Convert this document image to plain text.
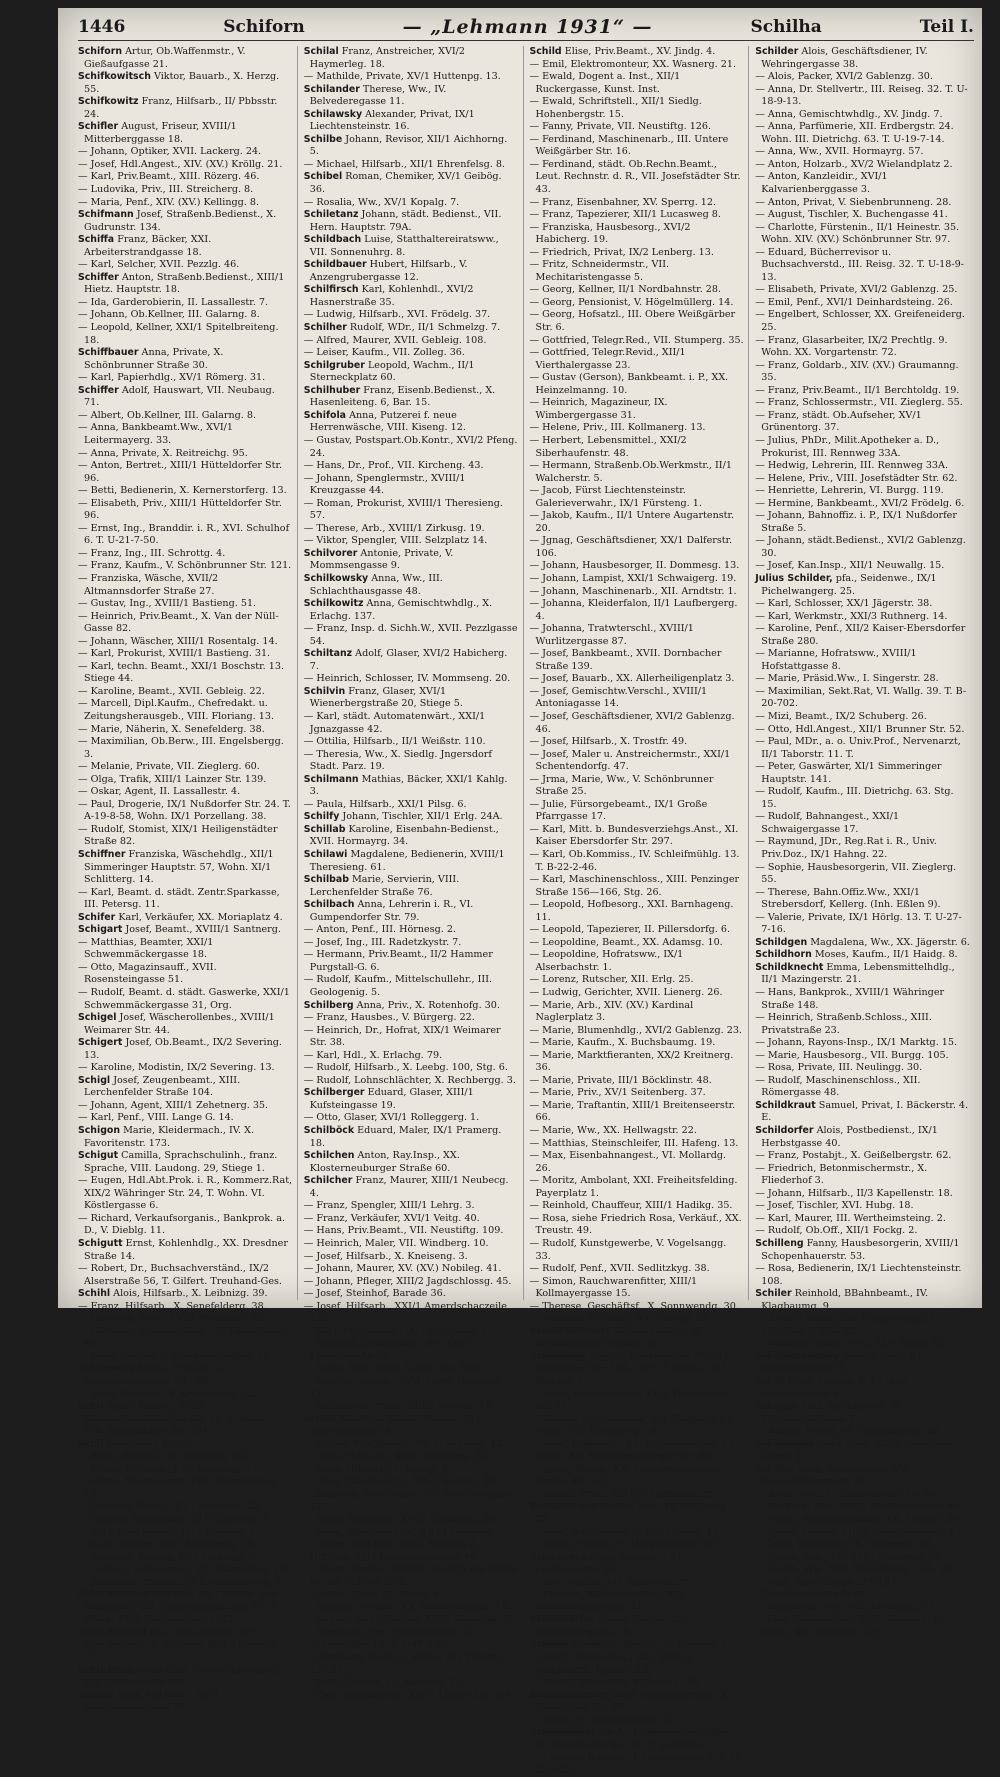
1446	Schiforn	— „Lehmann 1931“ —	Schilha	Teil I.

Schiforn Artur, Ob.Waffenmstr., V. Gießaufgasse 21.

Schifkowitsch Viktor, Bauarb., X. Herzg. 55.

Schifkowitz Franz, Hilfsarb., II/ Pbbsstr. 24.

Schifler August, Friseur, XVIII/1 Mitterberggasse 18.

— Johann, Optiker, XVII. Lackerg. 24.

— Josef, Hdl.Angest., XIV. (XV.) Kröllg. 21.

— Karl, Priv.Beamt., XIII. Rözerg. 46.

— Ludovika, Priv., III. Streicherg. 8.

— Maria, Penf., XIV. (XV.) Kellingg. 8.

Schifmann Josef, Straßenb.Bedienst., X. Gudrunstr. 134.

Schiffa Franz, Bäcker, XXI. Arbeiterstrandgasse 18.

— Karl, Selcher, XVII. Pezzlg. 46.

Schiffer Anton, Straßenb.Bedienst., XIII/1 Hietz. Hauptstr. 18.

— Ida, Garderobierin, II. Lassallestr. 7.

— Johann, Ob.Kellner, III. Galarng. 8.

— Leopold, Kellner, XXI/1 Spitelbreiteng. 18.

Schiffbauer Anna, Private, X. Schönbrunner Straße 30.

— Karl, Papierhdlg., XV/1 Römerg. 31.

Schiffer Adolf, Hauswart, VII. Neubaug. 71.

— Albert, Ob.Kellner, III. Galarng. 8.

— Anna, Bankbeamt.Ww., XVI/1 Leitermayerg. 33.

— Anna, Private, X. Reitreichg. 95.

— Anton, Bertret., XIII/1 Hütteldorfer Str. 96.

— Betti, Bedienerin, X. Kernerstorferg. 13.

— Elisabeth, Priv., XIII/1 Hütteldorfer Str. 96.

— Ernst, Ing., Branddir. i. R., XVI. Schulhof 6. T. U-21-7-50.

— Franz, Ing., III. Schrottg. 4.

— Franz, Kaufm., V. Schönbrunner Str. 121.

— Franziska, Wäsche, XVII/2 Altmannsdorfer Straße 27.

— Gustav, Ing., XVIII/1 Bastieng. 51.

— Heinrich, Priv.Beamt., X. Van der Nüll-Gasse 82.

— Johann, Wäscher, XIII/1 Rosentalg. 14.

— Karl, Prokurist, XVIII/1 Bastieng. 31.

— Karl, techn. Beamt., XXI/1 Boschstr. 13. Stiege 44.

— Karoline, Beamt., XVII. Gebleig. 22.

— Marcell, Dipl.Kaufm., Chefredakt. u. Zeitungsherausgeb., VIII. Floriang. 13.

— Marie, Näherin, X. Senefelderg. 38.

— Maximilian, Ob.Berw., III. Engelsbergg. 3.

— Melanie, Private, VII. Zieglerg. 60.

— Olga, Trafik, XIII/1 Lainzer Str. 139.

— Oskar, Agent, II. Lassallestr. 4.

— Paul, Drogerie, IX/1 Nußdorfer Str. 24. T. A-19-8-58, Wohn. IX/1 Porzellang. 38.

— Rudolf, Stomist, XIX/1 Heiligenstädter Straße 82.

Schiffner Franziska, Wäschehdlg., XII/1 Simmeringer Hauptstr. 57, Wohn. XI/1 Schlitterg. 14.

— Karl, Beamt. d. städt. Zentr.Sparkasse, III. Petersg. 11.

Schifer Karl, Verkäufer, XX. Moriaplatz 4.

Schigart Josef, Beamt., XVIII/1 Santnerg.

— Matthias, Beamter, XXI/1 Schwemmäckergasse 18.

— Otto, Magazinsauff., XVII. Rosensteingasse 51.

— Rudolf, Beamt. d. städt. Gaswerke, XXI/1 Schwemmäckergasse 31, Org.

Schigel Josef, Wäscherollenbes., XVIII/1 Weimarer Str. 44.

Schigert Josef, Ob.Beamt., IX/2 Severing. 13.

— Karoline, Modistin, IX/2 Severing. 13.

Schigl Josef, Zeugenbeamt., XIII. Lerchenfelder Straße 104.

— Johann, Agent, XIII/1 Zehetnerg. 35.

— Karl, Penf., VIII. Lange G. 14.

Schigon Marie, Kleidermach., IV. X. Favoritenstr. 173.

Schigut Camilla, Sprachschulinh., franz. Sprache, VIII. Laudong. 29, Stiege 1.

— Eugen, Hdl.Abt.Prok. i. R., Kommerz.Rat, XIX/2 Währinger Str. 24, T. Wohn. VI. Köstlergasse 6.

— Richard, Verkaufsorganis., Bankprok. a. D., V. Dieblg. 11.

Schigutt Ernst, Kohlenhdlg., XX. Dresdner Straße 14.

— Robert, Dr., Buchsachverständ., IX/2 Alserstraße 56, T. Gilfert. Treuhand-Ges.

Schihl Alois, Hilfsarb., X. Leibnizg. 39.

— Franz, Hilfsarb., X. Senefelderg. 38.

— Heinrich, Penf., XVI/1 Meiselstr. 65.

— Hermine, Krankenpfleg., IV. Favoritenstr. 40.

— Josef, Dreher, V. Rampersdorferg. 25.

Schihowitz Marie, Private, V. Margaretengürtel 82—88.

— Josef, Schuhm., V. Kriehuberg. 23.

Schil Adolf, Kaufm., XVI/2 Neulerchenfelder Straße 16, T. Wohn. VIII. Josefstädter Str. 101.

Schil siehe auch Schick.

— Adolf, Bertret., III. Geißlerg. 29.

— Franz, Hilfsarb., XVI. Sautterg. 27.

— Franz, Magazineur, XVII. Rosensteing. 14.

— Gottlieb, Privat, II/1 Leopoldsg. 21.

— Helene, Tanzschule, II/1 Czerning. 9.

— Karl, Bankbeamt., IX/1 Binderg. 6.

— Karl, Maurer, XX/1 Sollingerg. 38.

— Karoline, Private, IX/1 Fersteig. 6.

— Ludwig, Hdl.Angest., VI. Marchettig. 1B.

— Marianne, Private, IV. Krummbaumg. 1.

Schil Michael Valentin pfa., Kaffee- und Teeimport, VII. Lerchenfelder Str. 67, T. Wohn. XV/1 Kirchstetterng. 22.

Schil Richard pfa., Installateur, IX/1 Alserbachstr. 1, T. Wohn. IX/1 Althanstr. 17.

Schil-Marksman Otto, Geschäftsinhaber, VII. Cullmannstr. 6A.

Schilal Alois, Mil.Offiz., XVII. Ledenhauergasse 28.

Schilal Franz, Anstreicher, XVI/2 Haymerleg. 18.

— Mathilde, Private, XV/1 Huttenpg. 13.

Schilander Therese, Ww., IV. Belvederegasse 11.

Schilawsky Alexander, Privat, IX/1 Liechtensteinstr. 16.

Schilbe Johann, Revisor, XII/1 Aichhorng. 5.

— Michael, Hilfsarb., XII/1 Ehrenfelsg. 8.

Schibel Roman, Chemiker, XV/1 Geibög. 36.

— Rosalia, Ww., XV/1 Kopalg. 7.

Schiletanz Johann, städt. Bedienst., VII. Hern. Hauptstr. 79A.

Schildbach Luise, Statthaltereiratsww., VII. Sonnenuhrg. 8.

Schildbauer Hubert, Hilfsarb., V. Anzengrubergasse 12.

Schilfirsch Karl, Kohlenhdl., XVI/2 Hasnerstraße 35.

— Ludwig, Hilfsarb., XVI. Frödelg. 37.

Schilher Rudolf, WDr., II/1 Schmelzg. 7.

— Alfred, Maurer, XVII. Gebleig. 108.

— Leiser, Kaufm., VII. Zolleg. 36.

Schilgruber Leopold, Wachm., II/1 Sterneckplatz 60.

Schilhuber Franz, Eisenb.Bedienst., X. Hasenleiteng. 6, Bar. 15.

Schifola Anna, Putzerei f. neue Herrenwäsche, VIII. Kiseng. 12.

— Gustav, Postspart.Ob.Kontr., XVI/2 Pfeng. 24.

— Hans, Dr., Prof., VII. Kircheng. 43.

— Johann, Spenglermstr., XVIII/1 Kreuzgasse 44.

— Roman, Prokurist, XVIII/1 Theresieng. 57.

— Therese, Arb., XVIII/1 Zirkusg. 19.

— Viktor, Spengler, VIII. Selzplatz 14.

Schilvorer Antonie, Private, V. Mommsengasse 9.

Schilkowsky Anna, Ww., III. Schlachthausgasse 48.

Schilkowitz Anna, Gemischtwhdlg., X. Erlachg. 137.

— Franz, Insp. d. Sichh.W., XVII. Pezzlgasse 54.

Schiltanz Adolf, Glaser, XVI/2 Habicherg. 7.

— Heinrich, Schlosser, IV. Mommseng. 20.

Schilvin Franz, Glaser, XVI/1 Wienerbergstraße 20, Stiege 5.

— Karl, städt. Automatenwärt., XXI/1 Jgnazgasse 42.

— Ottilia, Hilfsarb., II/1 Weißstr. 110.

— Theresia, Ww., X. Siedlg. Jngersdorf Stadt. Parz. 19.

Schilmann Mathias, Bäcker, XXI/1 Kahlg. 3.

— Paula, Hilfsarb., XXI/1 Pilsg. 6.

Schilfy Johann, Tischler, XII/1 Erlg. 24A.

Schillab Karoline, Eisenbahn-Bedienst., XVII. Hormayrg. 34.

Schilawi Magdalene, Bedienerin, XVIII/1 Theresieng. 61.

Schilbab Marie, Servierin, VIII. Lerchenfelder Straße 76.

Schilbach Anna, Lehrerin i. R., VI. Gumpendorfer Str. 79.

— Anton, Penf., III. Hörnesg. 2.

— Josef, Ing., III. Radetzkystr. 7.

— Hermann, Priv.Beamt., II/2 Hammer Purgstall-G. 6.

— Rudolf, Kaufm., Mittelschullehr., III. Geologenig. 5.

Schilberg Anna, Priv., X. Rotenhofg. 30.

— Franz, Hausbes., V. Bürgerg. 22.

— Heinrich, Dr., Hofrat, XIX/1 Weimarer Str. 38.

— Karl, Hdl., X. Erlachg. 79.

— Rudolf, Hilfsarb., X. Leebg. 100, Stg. 6.

— Rudolf, Lohnschlächter, X. Rechbergg. 3.

Schilberger Eduard, Glaser, XIII/1 Kufsteingasse 19.

— Otto, Glaser, XVI/1 Rolleggerg. 1.

Schilböck Eduard, Maler, IX/1 Pramerg. 18.

Schilchen Anton, Ray.Insp., XX. Klosterneuburger Straße 60.

Schilcher Franz, Maurer, XIII/1 Neubecg. 4.

— Franz, Spengler, XIII/1 Lehrg. 3.

— Franz, Verkäufer, XVI/1 Veitg. 40.

— Hans, Priv.Beamt., VII. Neustiftg. 109.

— Heinrich, Maler, VII. Windberg. 10.

— Josef, Hilfsarb., X. Kneiseng. 3.

— Johann, Maurer, XV. (XV.) Nobileg. 41.

— Johann, Pfleger, XIII/2 Jagdschlossg. 45.

— Josef, Steinhof, Barade 36.

— Josef, Hilfsarb., XXI/1 Amerdschaczeile 123.

— Karl, Priv.Beamt., IX/2 Porschieg. 6.

— Leopold, Straßenarb., XIV. (XV.) Meiselstraße 25.

— Luise, Ww., XIII/1 Linzer Str. 300.

— Martha, Beamt., XVII. Hern. Hauptstr. 17.

— Wilhelmine, Penf., XIII/1 Neuing. 13.

Schild Albertine Marie, Private, II/1 Schrogbergstr. 8.

— Alfons, Priv.Beamt., XV. Schadinag. 12.

— Alois, Hilfsarb., XXI/1 Mengerg. 23.

— Alois, Hilfsarb., I. Bankg. 9.

— Alois, Wäsche-Erz., XIII/1 Beinstr. 35.

— Andreas, Priv.Beamt., III. Boerhavegasse 22.

— Anna, Hebamm., XVI/2 Gablenzg. 20.

— Anna, Wäschew.Erz., XIII/1 Laaerstr.

— Anton, Reg.Rat, wirkl. Amtsrat d. Hdl.Ger., IX/1 Liechtensteinstr. 46.

— Anton, Gastw., XVIII/2 Neustift am Walde Nr. 88. T. B-44-1-38.

— Anton, Getr., III. Dalbg. 6.

— Antonie, Private, XX. Wallensteinstr. 17.

— August, Schriftsetzer, XXI/1 Bunseng. 7.

— Bernhard, Ing., Elektrotechn., II. Taborstraße 17. T. A-47-5-65.

— Bernhard, Wohn. I. Wohn. II/1 Ybbsstr. 13—21.

— Betti, Private, III. Keinerg. 21.

— Carl, Musiklehrer, XIII/1 Linzer Str. 354.

Schild Elise, Priv.Beamt., XV. Jindg. 4.

— Emil, Elektromonteur, XX. Wasnerg. 21.

— Ewald, Dogent a. Inst., XII/1 Ruckergasse, Kunst. Inst.

— Ewald, Schriftstell., XII/1 Siedlg. Hohenbergstr. 15.

— Fanny, Private, VII. Neustiftg. 126.

— Ferdinand, Maschinenarb., III. Untere Weißgärber Str. 16.

— Ferdinand, städt. Ob.Rechn.Beamt., Leut. Rechnstr. d. R., VII. Josefstädter Str. 43.

— Franz, Eisenbahner, XV. Sperrg. 12.

— Franz, Tapezierer, XII/1 Lucasweg 8.

— Franziska, Hausbesorg., XVI/2 Habicherg. 19.

— Friedrich, Privat, IX/2 Lenberg. 13.

— Fritz, Schneidermstr., VII. Mechitaristengasse 5.

— Georg, Kellner, II/1 Nordbahnstr. 28.

— Georg, Pensionist, V. Högelmüllerg. 14.

— Georg, Hofsatzl., III. Obere Weißgärber Str. 6.

— Gottfried, Telegr.Red., VII. Stumperg. 35.

— Gottfried, Telegr.Revid., XII/1 Vierthalergasse 23.

— Gustav (Gerson), Bankbeamt. i. P., XX. Heinzelmanng. 10.

— Heinrich, Magazineur, IX. Wimbergergasse 31.

— Helene, Priv., III. Kollmanerg. 13.

— Herbert, Lebensmittel., XXI/2 Siberhaufenstr. 48.

— Hermann, Straßenb.Ob.Werkmstr., II/1 Walcherstr. 5.

— Jacob, Fürst Liechtensteinstr. Galerieverwahr., IX/1 Fürsteng. 1.

— Jakob, Kaufm., II/1 Untere Augartenstr. 20.

— Jgnag, Geschäftsdiener, XX/1 Dalferstr. 106.

— Johann, Hausbesorger, II. Dommesg. 13.

— Johann, Lampist, XXI/1 Schwaigerg. 19.

— Johann, Maschinenarb., XII. Arndtstr. 1.

— Johanna, Kleiderfalon, II/1 Laufbergerg. 4.

— Johanna, Tratwterschl., XVIII/1 Wurlitzergasse 87.

— Josef, Bankbeamt., XVII. Dornbacher Straße 139.

— Josef, Bauarb., XX. Allerheiligenplatz 3.

— Josef, Gemischtw.Verschl., XVIII/1 Antoniagasse 14.

— Josef, Geschäftsdiener, XVI/2 Gablenzg. 46.

— Josef, Hilfsarb., X. Trostfr. 49.

— Josef, Maler u. Anstreichermstr., XXI/1 Schentendorfg. 47.

— Jrma, Marie, Ww., V. Schönbrunner Straße 25.

— Julie, Fürsorgebeamt., IX/1 Große Pfarrgasse 17.

— Karl, Mitt. b. Bundesverziehgs.Anst., XI. Kaiser Ebersdorfer Str. 297.

— Karl, Ob.Kommiss., IV. Schleifmühlg. 13. T. B-22-2-46.

— Karl, Maschinenschloss., XIII. Penzinger Straße 156—166, Stg. 26.

— Leopold, Hofbesorg., XXI. Barnhageng. 11.

— Leopold, Tapezierer, II. Pillersdorfg. 6.

— Leopoldine, Beamt., XX. Adamsg. 10.

— Leopoldine, Hofratsww., IX/1 Alserbachstr. 1.

— Lorenz, Rutscher, XII. Erlg. 25.

— Ludwig, Gerichter, XVII. Lienerg. 26.

— Marie, Arb., XIV. (XV.) Kardinal Naglerplatz 3.

— Marie, Blumenhdlg., XVI/2 Gablenzg. 23.

— Marie, Kaufm., X. Buchsbaumg. 19.

— Marie, Marktfieranten, XX/2 Kreitnerg. 36.

— Marie, Private, III/1 Böcklinstr. 48.

— Marie, Priv., XV/1 Seitenberg. 37.

— Marie, Traftantin, XIII/1 Breitenseerstr. 66.

— Marie, Ww., XX. Hellwagstr. 22.

— Matthias, Steinschleifer, III. Hafeng. 13.

— Max, Eisenbahnangest., VI. Mollardg. 26.

— Moritz, Ambolant, XXI. Freiheitsfelding. Payerplatz 1.

— Reinhold, Chauffeur, XIII/1 Hadikg. 35.

— Rosa, siehe Friedrich Rosa, Verkäuf., XX. Treustr. 49.

— Rudolf, Kunstgewerbe, V. Vogelsangg. 33.

— Rudolf, Penf., XVII. Sedlitzkyg. 38.

— Simon, Rauchwarenfitter, XIII/1 Kollmayergasse 15.

— Therese, Geschäftsf., X. Sonnwendg. 30.

— Wilhelm, Hilfsarb., XX. Denisg. 38.

Schild-Schmarz Schauspielerin, V. Schönbrunner Straße 35.

Schildberg August, Kunstsattler, XVIII/1 Währinger Str. 105—107, T. Wohn. IX/1 Spitalg. 8.

— Hans, Betriebsleiter, XVII. Dornbacher Str. 21.

— Herma, Parfümeriew., VII. Zieglerg. 81. Wohn. VII. Lerchen g. 16.

— Josef, Lederarb., XX. Heinzelmanng. 18. Wohn. XX. Klosterneuburger Str. 86.

— Julius, Baum., XX. Klosterneuburger Straße 40—42.

— Rudolf, Prok., XVIII/1 Martinstr. 28.

Schildberger Emilie, Priv., IX. Müllnerg. 22.

— Josef, Buchbinder, V. Kriehuberg. 13.

— Marie, Private, V. Margaretenstr. 67.

Schildbeck Alois, Stomist, VIII. Laudongasse 33.

— Leo, Mar.ler, VII. Kaiserstr. 79.

— Therese, Kaffeehausbes., XIV. Rauchfangfehrerg. 21.

Schildbörfer Anton, Gastw., XXI. Waidäckergasse 10.

Schilde Friedrich, Direkt., IV. Hovosg. 5.

— Josef, Steinmetzg., XXI. Siedlg. Jungbrecht, Jagdstr. 12.

— Rudolf, Bergolder, V. Zentag. 30.

Schildendorfer Josef, Schneidermstr., X. Spielfinger Str. 69.

— Marie, II. Rembrandtstr. 21.

Schildenfeld Ida A., Feldmarschallt.-Ww., VI. Mariahilfer Str. 28. T. B-27009.

— Theresia Rittmm., I. Landskrong. 5. T. U-27-6-23.

Schilder Alois, Geschäftsdiener, IV. Wehringergasse 38.

— Alois, Packer, XVI/2 Gablenzg. 30.

— Anna, Dr. Stellvertr., III. Reiseg. 32. T. U-18-9-13.

— Anna, Gemischtwhdlg., XV. Jindg. 7.

— Anna, Parfümerie, XII. Erdbergstr. 24. Wohn. III. Dietrichg. 63. T. U-19-7-14.

— Anna, Ww., XVII. Hormayrg. 57.

— Anton, Holzarb., XV/2 Wielandplatz 2.

— Anton, Kanzleidir., XVI/1 Kalvarienberggasse 3.

— Anton, Privat, V. Siebenbrunneng. 28.

— August, Tischler, X. Buchengasse 41.

— Charlotte, Fürstenin., II/1 Heinestr. 35. Wohn. XIV. (XV.) Schönbrunner Str. 97.

— Eduard, Bücherrevisor u. Buchsachverstd., III. Reisg. 32. T. U-18-9-13.

— Elisabeth, Private, XVI/2 Gablenzg. 25.

— Emil, Penf., XVI/1 Deinhardsteing. 26.

— Engelbert, Schlosser, XX. Greifeneiderg. 25.

— Franz, Glasarbeiter, IX/2 Prechtlg. 9. Wohn. XX. Vorgartenstr. 72.

— Franz, Goldarb., XIV. (XV.) Graumanng. 35.

— Franz, Priv.Beamt., II/1 Berchtoldg. 19.

— Franz, Schlossermstr., VII. Zieglerg. 55.

— Franz, städt. Ob.Aufseher, XV/1 Grünentorg. 37.

— Julius, PhDr., Milit.Apotheker a. D., Prokurist, III. Rennweg 33A.

— Hedwig, Lehrerin, III. Rennweg 33A.

— Helene, Priv., VIII. Josefstädter Str. 62.

— Henriette, Lehrerin, VI. Burgg. 119.

— Hermine, Bankbeamt., XVI/2 Frödelg. 6.

— Johann, Bahnoffiz. i. P., IX/1 Nußdorfer Straße 5.

— Johann, städt.Bedienst., XVI/2 Gablenzg. 30.

— Josef, Kan.Insp., XII/1 Neuwallg. 15.

Julius Schilder, pfa., Seidenwe., IX/1 Pichelwangerg. 25.

— Karl, Schlosser, XX/1 Jägerstr. 38.

— Karl, Werkmstr., XXI/3 Ruthnerg. 14.

— Karoline, Penf., XII/2 Kaiser-Ebersdorfer Straße 280.

— Marianne, Hofratsww., XVIII/1 Hofstattgasse 8.

— Marie, Präsid.Ww., I. Singerstr. 28.

— Maximilian, Sekt.Rat, VI. Wallg. 39. T. B-20-702.

— Mizi, Beamt., IX/2 Schuberg. 26.

— Otto, Hdl.Angest., XII/1 Brunner Str. 52.

— Paul, MDr., a. o. Univ.Prof., Nervenarzt, II/1 Taborstr. 11. T.

— Peter, Gaswärter, XI/1 Simmeringer Hauptstr. 141.

— Rudolf, Kaufm., III. Dietrichg. 63. Stg. 15.

— Rudolf, Bahnangest., XXI/1 Schwaigergasse 17.

— Raymund, JDr., Reg.Rat i. R., Univ. Priv.Doz., IX/1 Hahng. 22.

— Sophie, Hausbesorgerin, VII. Zieglerg. 55.

— Therese, Bahn.Offiz.Ww., XXI/1 Strebersdorf, Kellerg. (Inh. Eßlen 9).

— Valerie, Private, IX/1 Hörlg. 13. T. U-27-7-16.

Schildgen Magdalena, Ww., XX. Jägerstr. 6.

Schildhorn Moses, Kaufm., II/1 Haidg. 8.

Schildknecht Emma, Lebensmittelhdlg., II/1 Mazingerstr. 21.

— Hans, Bankprok., XVIII/1 Währinger Straße 148.

— Heinrich, Straßenb.Schloss., XIII. Privatstraße 23.

— Johann, Rayons-Insp., IX/1 Marktg. 15.

— Marie, Hausbesorg., VII. Burgg. 105.

— Rosa, Private, III. Neulingg. 30.

— Rudolf, Maschinenschloss., XII. Römergasse 48.

Schildkraut Samuel, Privat, I. Bäckerstr. 4. E.

Schildorfer Alois, Postbedienst., IX/1 Herbstgasse 40.

— Franz, Postabjt., X. Geißelbergstr. 62.

— Friedrich, Betonmischermstr., X. Fliederhof 3.

— Johann, Hilfsarb., II/3 Kapellenstr. 18.

— Josef, Tischler, XVI. Hubg. 18.

— Karl, Maurer, III. Wertheimsteing. 2.

— Rudolf, Ob.Off., XII/1 Fockg. 2.

Schilleng Fanny, Hausbesorgerin, XVIII/1 Schopenhauerstr. 53.

— Rosa, Bedienerin, IX/1 Liechtensteinstr. 108.

Schiler Reinhold, BBahnbeamt., IV. Klagbaumg. 9.

— Rudolf, Maler, XIV. Dingelstedtg. 1. Telephon R-39-6-42.

— Susanne Gisela, Ww., XX/1 Bellg. 22.

Schilleschauzky Rudolf, Penf., III. Matthäusgasse 3.

Schilf Elise, Private, II/2 Franz Emerichgasse 4.

Schilger Karl, Bahnbeamt., V. Schmalzhofgasse 8.

— Rudolf, Privat, VI. Schmalzhofg. 20.

Schilgerius Josef, Penf., XVII. Hernalser Gürtel 2.

Schilha Anna, Schneiderin, XV. Genschlägergasse 18.

— Anna, Ww., X. Zzgersdorfer Str. 95.

— Barbara, Ww., XIII/1 Drepbausenstr. 40.

— Franz, Kunstkeramiker, XX. Treustr. 36.

— Ignaz, Riemer, XIII/1 Drephausenstr. 63.

— Josef, Drechsler, IX. Oeversetr. 45.

— Josefa, Arb., XIV. (XV.) Felderstr. 64.

— Josefa, Ww., VIII. Windbergg. 16A. 18.

— Karl, Rauchfangk., XVIII/1 Drepbausenstraße 61.

— Katharina, Priv., VII. Lercheng. 17.

— Leo, Galanteriew., XVII. Sauleng. 17. Wohn. XV. Oeversetr. 45.
